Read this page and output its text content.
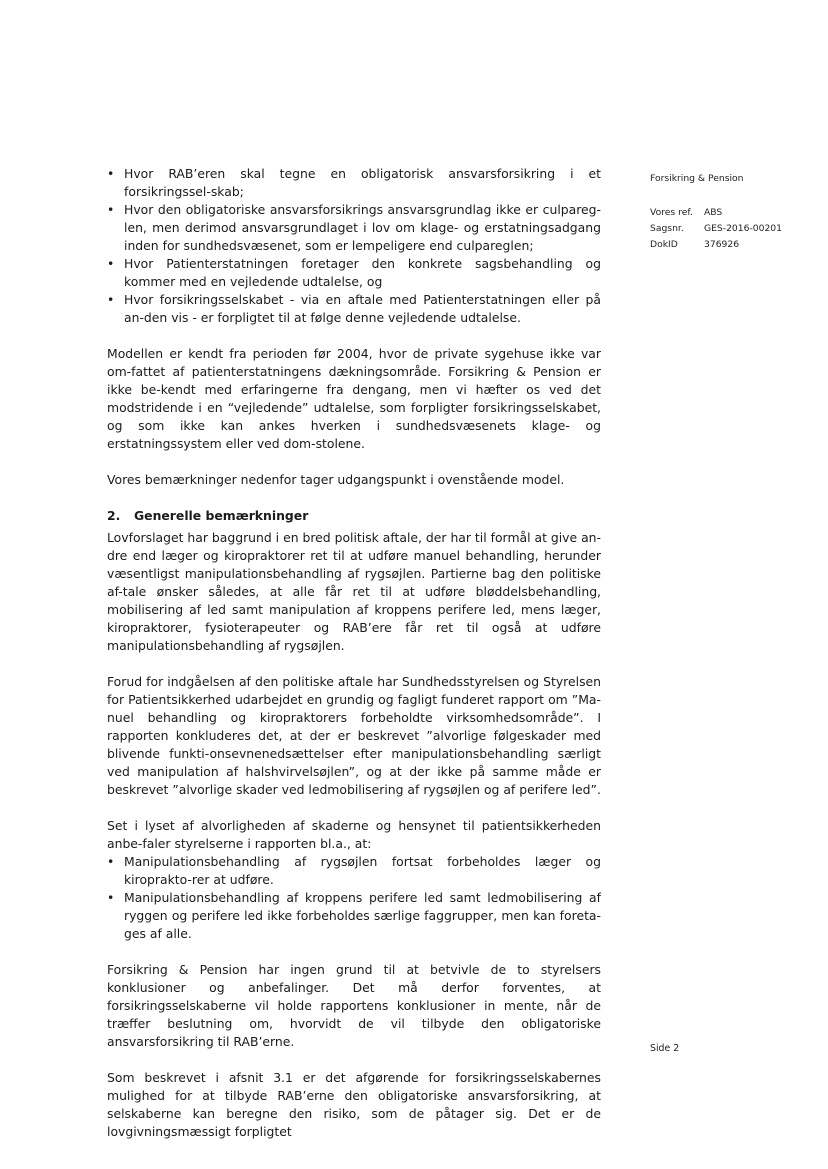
• Hvor RAB’eren skal tegne en obligatorisk ansvarsforsikring i et forsikringssel-skab;
• Hvor den obligatoriske ansvarsforsikrings ansvarsgrundlag ikke er culpareg-len, men derimod ansvarsgrundlaget i lov om klage- og erstatningsadgang inden for sundhedsvæsenet, som er lempeligere end culpareglen;
• Hvor Patienterstatningen foretager den konkrete sagsbehandling og kommer med en vejledende udtalelse, og
• Hvor forsikringsselskabet - via en aftale med Patienterstatningen eller på an-den vis - er forpligtet til at følge denne vejledende udtalelse.

Modellen er kendt fra perioden før 2004, hvor de private sygehuse ikke var om-fattet af patienterstatningens dækningsområde. Forsikring & Pension er ikke be-kendt med erfaringerne fra dengang, men vi hæfter os ved det modstridende i en “vejledende” udtalelse, som forpligter forsikringsselskabet, og som ikke kan ankes hverken i sundhedsvæsenets klage- og erstatningssystem eller ved dom-stolene.

Vores bemærkninger nedenfor tager udgangspunkt i ovenstående model.

2. Generelle bemærkninger

Lovforslaget har baggrund i en bred politisk aftale, der har til formål at give an-dre end læger og kiropraktorer ret til at udføre manuel behandling, herunder væsentligst manipulationsbehandling af rygsøjlen. Partierne bag den politiske af-tale ønsker således, at alle får ret til at udføre bløddelsbehandling, mobilisering af led samt manipulation af kroppens perifere led, mens læger, kiropraktorer, fysioterapeuter og RAB’ere får ret til også at udføre manipulationsbehandling af rygsøjlen.

Forud for indgåelsen af den politiske aftale har Sundhedsstyrelsen og Styrelsen for Patientsikkerhed udarbejdet en grundig og fagligt funderet rapport om ”Ma-nuel behandling og kiropraktorers forbeholdte virksomhedsområde”. I rapporten konkluderes det, at der er beskrevet ”alvorlige følgeskader med blivende funkti-onsevnenedsættelser efter manipulationsbehandling særligt ved manipulation af halshvirvelsøjlen”, og at der ikke på samme måde er beskrevet ”alvorlige skader ved ledmobilisering af rygsøjlen og af perifere led”.

Set i lyset af alvorligheden af skaderne og hensynet til patientsikkerheden anbe-faler styrelserne i rapporten bl.a., at:

• Manipulationsbehandling af rygsøjlen fortsat forbeholdes læger og kiroprakto-rer at udføre.
• Manipulationsbehandling af kroppens perifere led samt ledmobilisering af ryggen og perifere led ikke forbeholdes særlige faggrupper, men kan foreta-ges af alle.

Forsikring & Pension har ingen grund til at betvivle de to styrelsers konklusioner og anbefalinger. Det må derfor forventes, at forsikringsselskaberne vil holde rapportens konklusioner in mente, når de træffer beslutning om, hvorvidt de vil tilbyde den obligatoriske ansvarsforsikring til RAB’erne.

Som beskrevet i afsnit 3.1 er det afgørende for forsikringsselskabernes mulighed for at tilbyde RAB’erne den obligatoriske ansvarsforsikring, at selskaberne kan beregne den risiko, som de påtager sig. Det er de lovgivningsmæssigt forpligtet

Forsikring & Pension
Vores ref.	ABS
Sagsnr.	GES-2016-00201
DokID	376926
Side 2
